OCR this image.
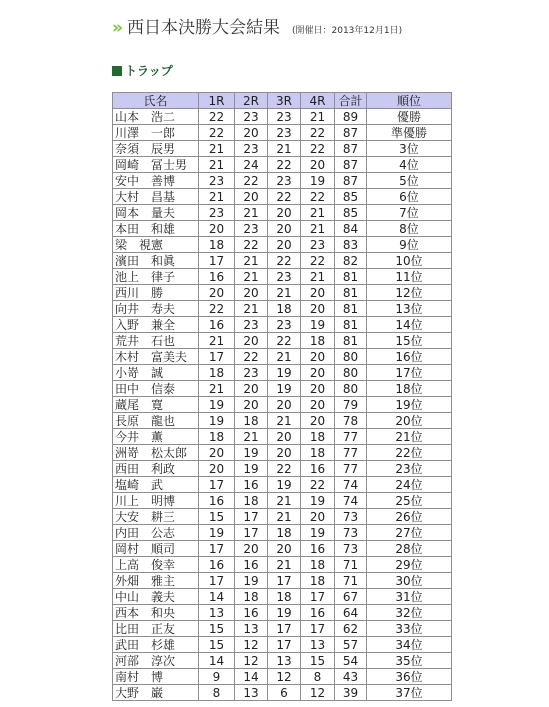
» 西日本決勝大会結果 (開催日：2013年12月1日)
トラップ
氏名	1R	2R	3R	4R	合計	順位
山本　浩二	22	23	23	21	89	優勝
川澤　一郎	22	20	23	22	87	準優勝
奈須　辰男	21	23	21	22	87	3位
岡崎　冨士男	21	24	22	20	87	4位
安中　善博	23	22	23	19	87	5位
大村　昌基	21	20	22	22	85	6位
岡本　量夫	23	21	20	21	85	7位
本田　和雄	20	23	20	21	84	8位
梁　視憲	18	22	20	23	83	9位
濱田　和眞	17	21	22	22	82	10位
池上　律子	16	21	23	21	81	11位
西川　勝	20	20	21	20	81	12位
向井　寿夫	22	21	18	20	81	13位
入野　兼全	16	23	23	19	81	14位
荒井　石也	21	20	22	18	81	15位
木村　富美夫	17	22	21	20	80	16位
小嵜　誠	18	23	19	20	80	17位
田中　信泰	21	20	19	20	80	18位
蔵尾　寛	19	20	20	20	79	19位
長原　龍也	19	18	21	20	78	20位
今井　薫	18	21	20	18	77	21位
洲嵜　松太郎	20	19	20	18	77	22位
西田　利政	20	19	22	16	77	23位
塩崎　武	17	16	19	22	74	24位
川上　明博	16	18	21	19	74	25位
大安　耕三	15	17	21	20	73	26位
内田　公志	19	17	18	19	73	27位
岡村　順司	17	20	20	16	73	28位
上高　俊幸	16	16	21	18	71	29位
外畑　雅主	17	19	17	18	71	30位
中山　義夫	14	18	18	17	67	31位
西本　和央	13	16	19	16	64	32位
比田　正友	15	13	17	17	62	33位
武田　杉雄	15	12	17	13	57	34位
河部　淳次	14	12	13	15	54	35位
南村　博	9	14	12	8	43	36位
大野　巌	8	13	6	12	39	37位
